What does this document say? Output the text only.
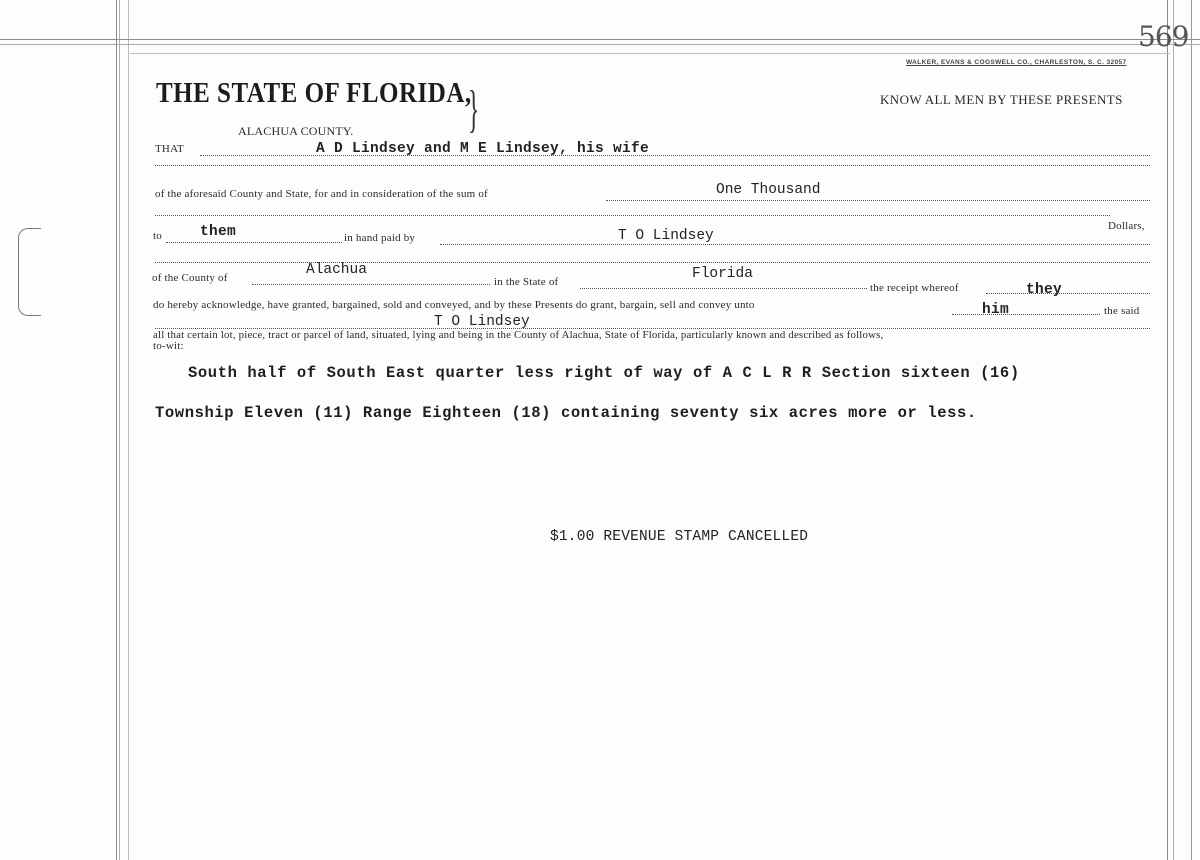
569
WALKER, EVANS & COGSWELL CO., CHARLESTON, S. C. 32057
THE STATE OF FLORIDA,
}
ALACHUA COUNTY.
KNOW ALL MEN BY THESE PRESENTS
THAT	A D Lindsey and M E Lindsey, his wife
of the aforesaid County and State, for and in consideration of the sum of	One Thousand
Dollars,
to	them	in hand paid by	T O Lindsey
of the County of	Alachua
in the State of	Florida
the receipt whereof	they
do hereby acknowledge, have granted, bargained, sold and conveyed, and by these Presents do grant, bargain, sell and convey unto	him	the said
T O Lindsey
all that certain lot, piece, tract or parcel of land, situated, lying and being in the County of Alachua, State of Florida, particularly known and described as follows,
to-wit:
South half of South East quarter less right of way of A C L R R Section sixteen (16)
Township Eleven (11) Range Eighteen (18) containing seventy six acres more or less.
$1.00 REVENUE STAMP CANCELLED
